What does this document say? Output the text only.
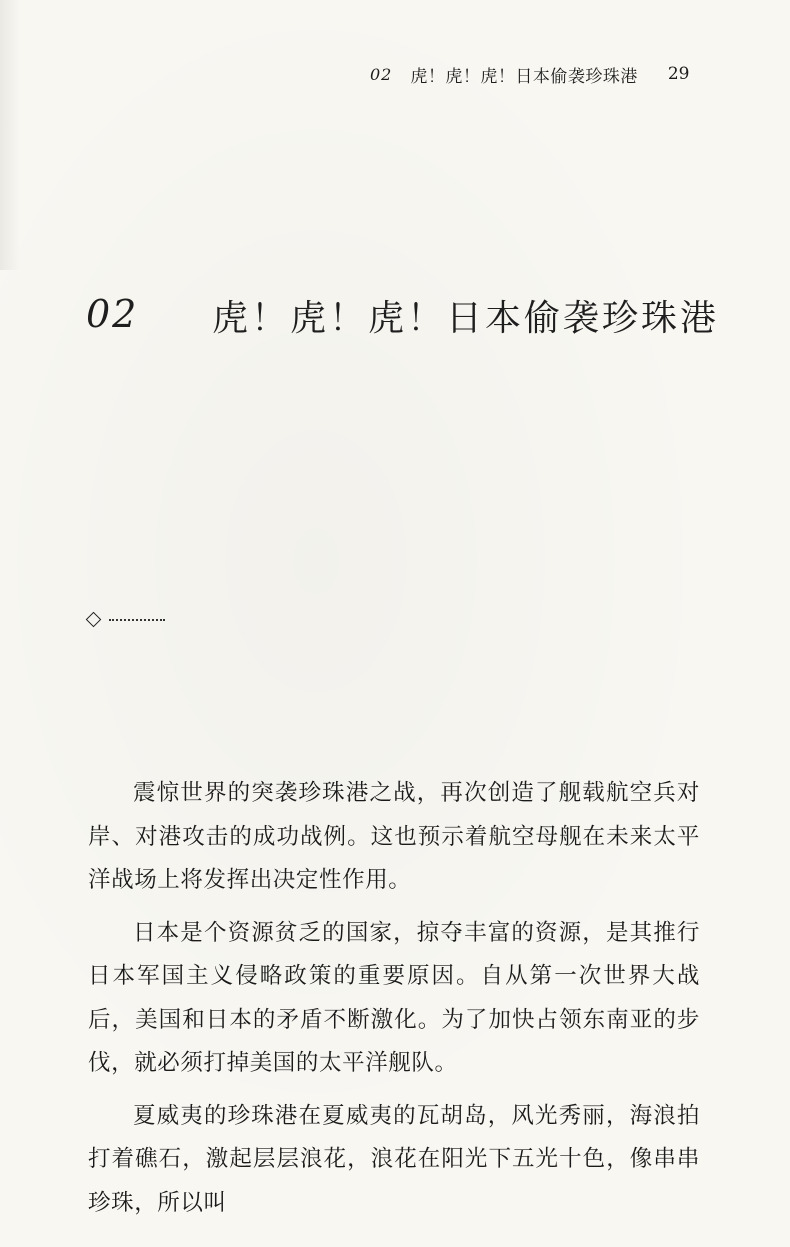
02 虎！虎！虎！日本偷袭珍珠港 29
02 虎！虎！虎！日本偷袭珍珠港

震惊世界的突袭珍珠港之战，再次创造了舰载航空兵对岸、对港攻击的成功战例。这也预示着航空母舰在未来太平洋战场上将发挥出决定性作用。

日本是个资源贫乏的国家，掠夺丰富的资源，是其推行日本军国主义侵略政策的重要原因。自从第一次世界大战后，美国和日本的矛盾不断激化。为了加快占领东南亚的步伐，就必须打掉美国的太平洋舰队。

夏威夷的珍珠港在夏威夷的瓦胡岛，风光秀丽，海浪拍打着礁石，激起层层浪花，浪花在阳光下五光十色，像串串珍珠，所以叫
